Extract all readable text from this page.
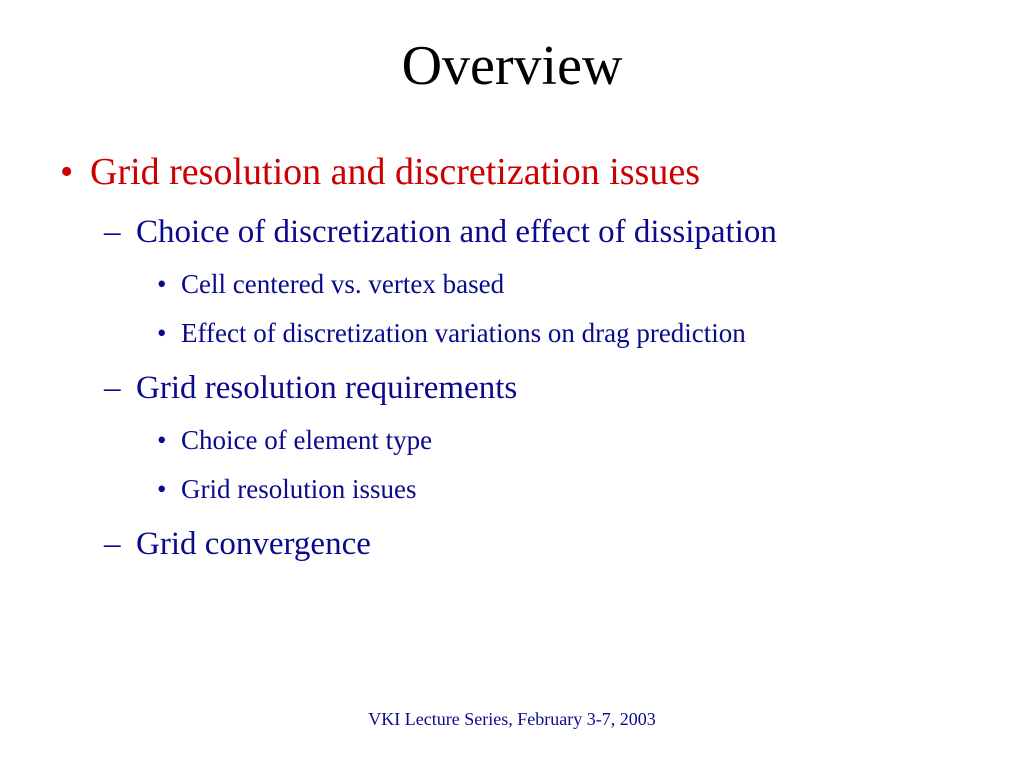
Overview
• Grid resolution and discretization issues
– Choice of discretization and effect of dissipation
• Cell centered vs. vertex based
• Effect of discretization variations on drag prediction
– Grid resolution requirements
• Choice of element type
• Grid resolution issues
– Grid convergence
VKI Lecture Series, February 3-7, 2003
